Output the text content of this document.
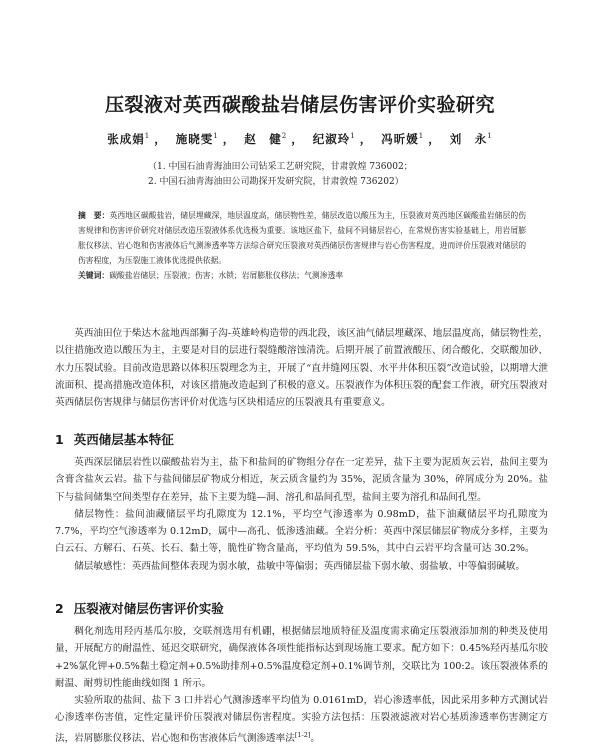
压裂液对英西碳酸盐岩储层伤害评价实验研究
张成娟$^1$ ， 施晓雯$^1$ ， 赵　健$^2$ ， 纪淑玲$^1$ ， 冯昕媛$^1$ ， 刘　永$^1$

（1. 中国石油青海油田公司钻采工艺研究院，甘肃敦煌 736002；

2. 中国石油青海油田公司勘探开发研究院，甘肃敦煌 736202）

摘　要：英西地区碳酸盐岩，储层埋藏深，地层温度高，储层物性差，储层改造以酸压为主，压裂液对英西地区碳酸盐岩储层的伤害规律和伤害评价研究对储层改造压裂液体系优选极为重要。该地区盐下，盐间不同储层岩心，在常规伤害实验基础上，用岩屑膨胀仪移法、岩心饱和伤害液体后气测渗透率等方法综合研究压裂液对英西储层伤害规律与岩心伤害程度，进而评价压裂液对储层的伤害程度，为压裂施工液体优选提供依据。

关键词：碳酸盐岩储层；压裂液；伤害；水锁；岩屑膨胀仪移法；气测渗透率

英西油田位于柴达木盆地西部狮子沟-英雄岭构造带的西北段，该区油气储层埋藏深、地层温度高，储层物性差，以往措施改造以酸压为主，主要是对目的层进行裂缝酸溶蚀清洗。后期开展了前置液酸压、闭合酸化、交联酸加砂、水力压裂试验。目前改造思路以体积压裂理念为主，开展了“直井缝网压裂、水平井体积压裂”改造试验，以期增大泄流面积、提高措施改造体积，对该区措施改造起到了积极的意义。压裂液作为体积压裂的配套工作液，研究压裂液对英西储层伤害规律与储层伤害评价对优选与区块相适应的压裂液具有重要意义。

1 英西储层基本特征

英西深层储层岩性以碳酸盐岩为主，盐下和盐间的矿物组分存在一定差异，盐下主要为泥质灰云岩，盐间主要为含膏含盐灰云岩。盐下与盐间储层矿物成分相近，灰云质含量约为 35%，泥质含量为 30%，碎屑成分为 20%。盐下与盐间储集空间类型存在差异，盐下主要为缝—洞、溶孔和晶间孔型，盐间主要为溶孔和晶间孔型。

储层物性：盐间油藏储层平均孔隙度为 12.1%，平均空气渗透率为 0.98mD，盐下油藏储层平均孔隙度为 7.7%，平均空气渗透率为 0.12mD，属中—高孔、低渗透油藏。全岩分析：英西中深层储层矿物成分多样，主要为白云石、方解石、石英、长石、黏土等，脆性矿物含量高，平均值为 59.5%，其中白云岩平均含量可达 30.2%。

储层敏感性：英西盐间整体表现为弱水敏，盐敏中等偏弱；英西储层盐下弱水敏、弱盐敏、中等偏弱碱敏。

2 压裂液对储层伤害评价实验

稠化剂选用羟丙基瓜尔胶，交联剂选用有机硼，根据储层地质特征及温度需求确定压裂液添加剂的种类及使用量，开展配方的耐温性、延迟交联研究，确保液体各项性能指标达到现场施工要求。配方如下：0.45%羟丙基瓜尔胶+2%氯化钾+0.5%黏土稳定剂+0.5%助排剂+0.5%温度稳定剂+0.1%调节剂，交联比为 100:2。该压裂液体系的耐温、耐剪切性能曲线如图 1 所示。

实验所取的盐间、盐下 3 口井岩心气测渗透率平均值为 0.0161mD，岩心渗透率低，因此采用多种方式测试岩心渗透率伤害值，定性定量评价压裂液对储层伤害程度。实验方法包括：压裂液滤液对岩心基质渗透率伤害测定方法，岩屑膨胀仪移法、岩心饱和伤害液体后气测渗透率法[1-2]。
